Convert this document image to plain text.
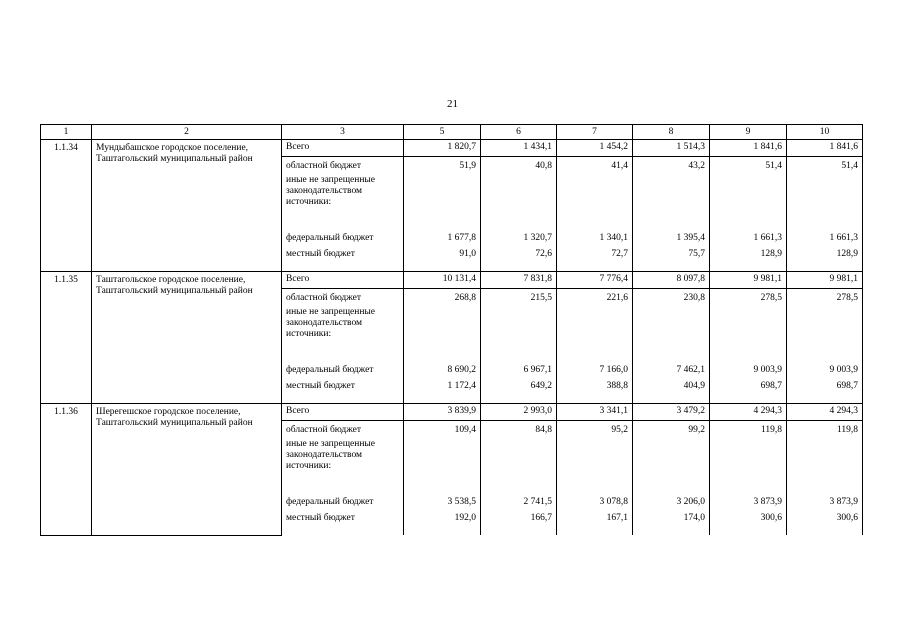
21
1	2	3	5	6	7	8	9	10
1.1.34	Мундыбашское городское поселение, Таштагольский муниципальный район	Всего	1 820,7	1 434,1	1 454,2	1 514,3	1 841,6	1 841,6

		областной бюджет	51,9	40,8	41,4	43,2	51,4	51,4

		иные не запрещенные законодательством источники:						

		федеральный бюджет	1 677,8	1 320,7	1 340,1	1 395,4	1 661,3	1 661,3

		местный бюджет	91,0	72,6	72,7	75,7	128,9	128,9

1.1.35	Таштагольское городское поселение, Таштагольский муниципальный район	Всего	10 131,4	7 831,8	7 776,4	8 097,8	9 981,1	9 981,1

		областной бюджет	268,8	215,5	221,6	230,8	278,5	278,5

		иные не запрещенные законодательством источники:						

		федеральный бюджет	8 690,2	6 967,1	7 166,0	7 462,1	9 003,9	9 003,9

		местный бюджет	1 172,4	649,2	388,8	404,9	698,7	698,7

1.1.36	Шерегешское городское поселение, Таштагольский муниципальный район	Всего	3 839,9	2 993,0	3 341,1	3 479,2	4 294,3	4 294,3

		областной бюджет	109,4	84,8	95,2	99,2	119,8	119,8

		иные не запрещенные законодательством источники:						

		федеральный бюджет	3 538,5	2 741,5	3 078,8	3 206,0	3 873,9	3 873,9

		местный бюджет	192,0	166,7	167,1	174,0	300,6	300,6
